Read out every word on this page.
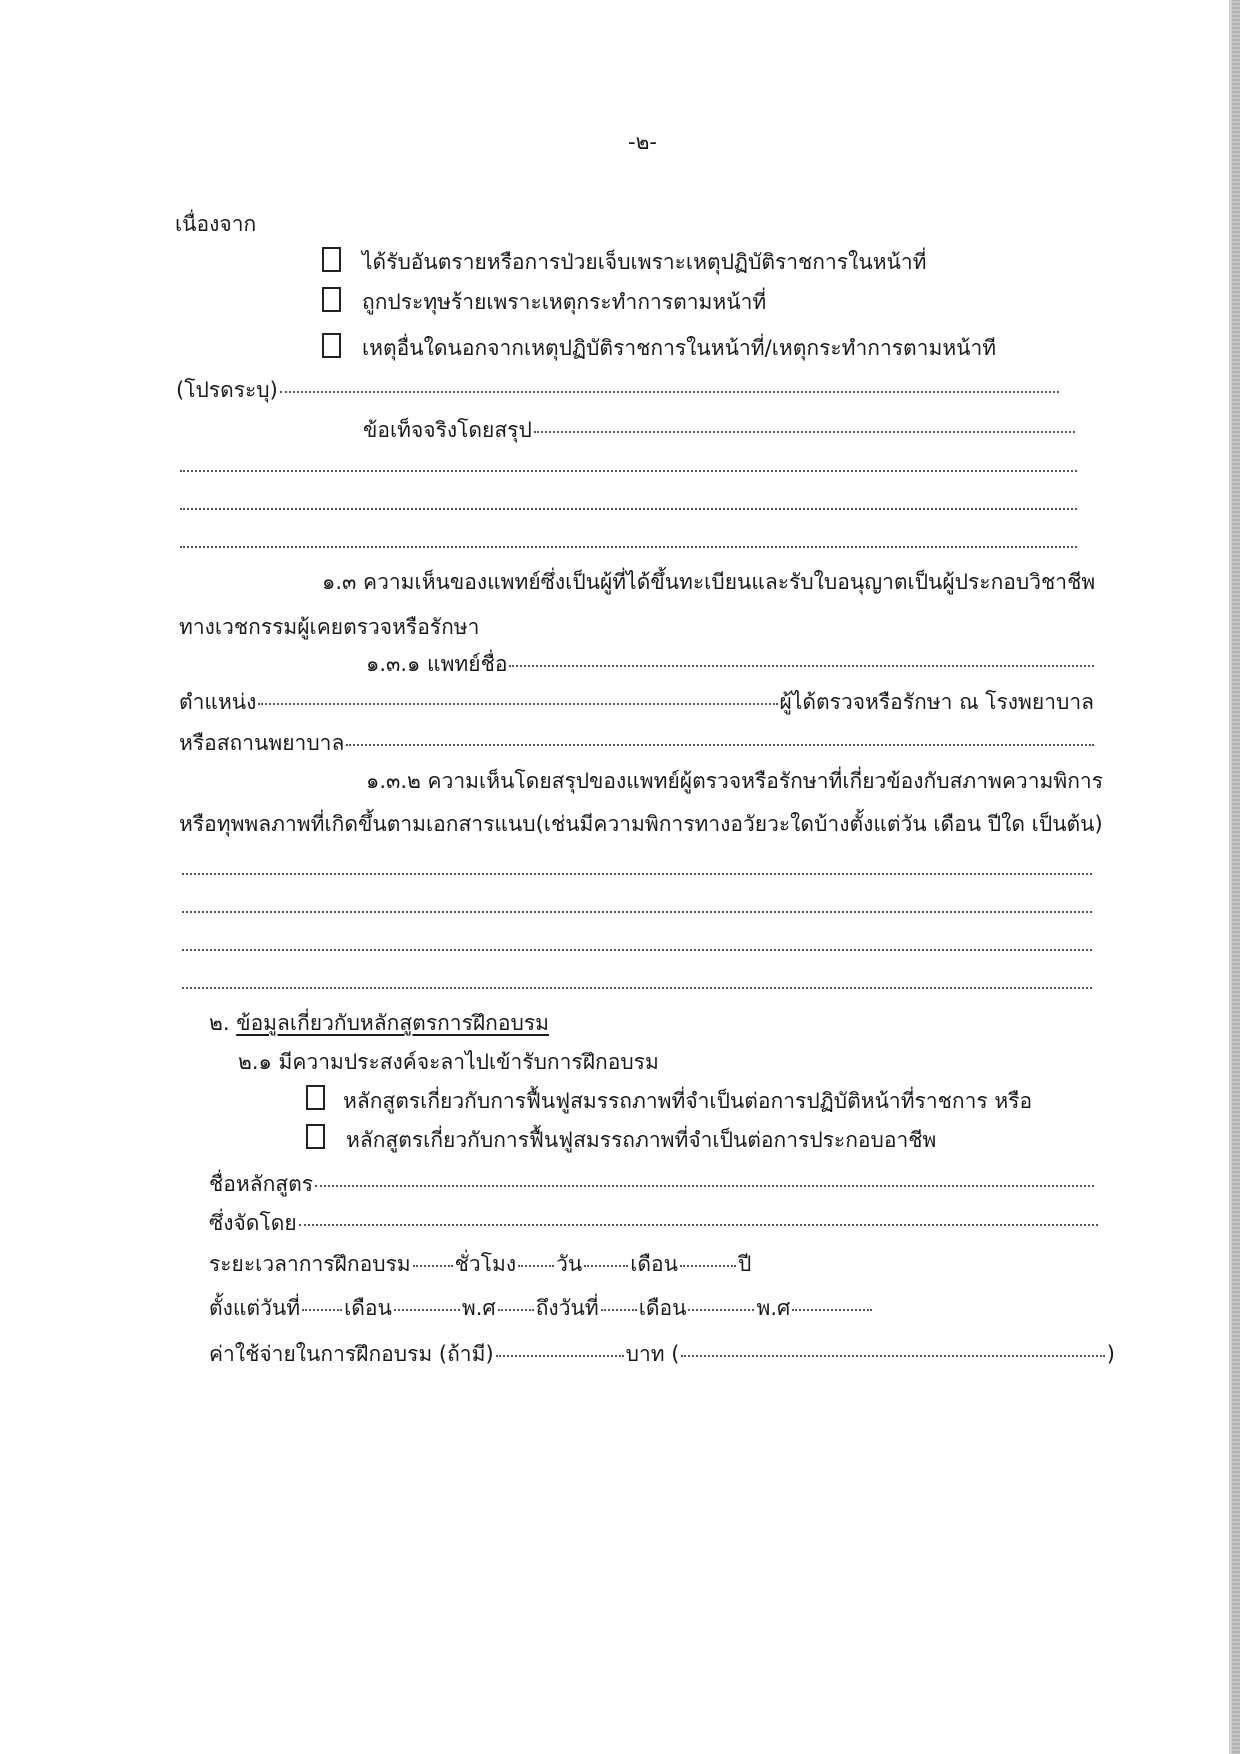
-๒-
เนื่องจาก
ได้รับอันตรายหรือการป่วยเจ็บเพราะเหตุปฏิบัติราชการในหน้าที่
ถูกประทุษร้ายเพราะเหตุกระทำการตามหน้าที่
เหตุอื่นใดนอกจากเหตุปฏิบัติราชการในหน้าที่/เหตุกระทำการตามหน้าที
(โปรดระบุ)
ข้อเท็จจริงโดยสรุป
๑.๓ ความเห็นของแพทย์ซึ่งเป็นผู้ที่ได้ขึ้นทะเบียนและรับใบอนุญาตเป็นผู้ประกอบวิชาชีพ
ทางเวชกรรมผู้เคยตรวจหรือรักษา
๑.๓.๑ แพทย์ชื่อ
ตำแหน่ง	ผู้ได้ตรวจหรือรักษา ณ โรงพยาบาล
หรือสถานพยาบาล
๑.๓.๒ ความเห็นโดยสรุปของแพทย์ผู้ตรวจหรือรักษาที่เกี่ยวข้องกับสภาพความพิการ
หรือทุพพลภาพที่เกิดขึ้นตามเอกสารแนบ(เช่นมีความพิการทางอวัยวะใดบ้างตั้งแต่วัน เดือน ปีใด เป็นต้น)
๒. ข้อมูลเกี่ยวกับหลักสูตรการฝึกอบรม
๒.๑ มีความประสงค์จะลาไปเข้ารับการฝึกอบรม
หลักสูตรเกี่ยวกับการฟื้นฟูสมรรถภาพที่จำเป็นต่อการปฏิบัติหน้าที่ราชการ หรือ
หลักสูตรเกี่ยวกับการฟื้นฟูสมรรถภาพที่จำเป็นต่อการประกอบอาชีพ
ชื่อหลักสูตร
ซึ่งจัดโดย
ระยะเวลาการฝึกอบรม ชั่วโมง วัน เดือน	ปี
ตั้งแต่วันที่ เดือน	พ.ศ ถึงวันที่ เดือน	พ.ศ
ค่าใช้จ่ายในการฝึกอบรม (ถ้ามี)	บาท (	)
